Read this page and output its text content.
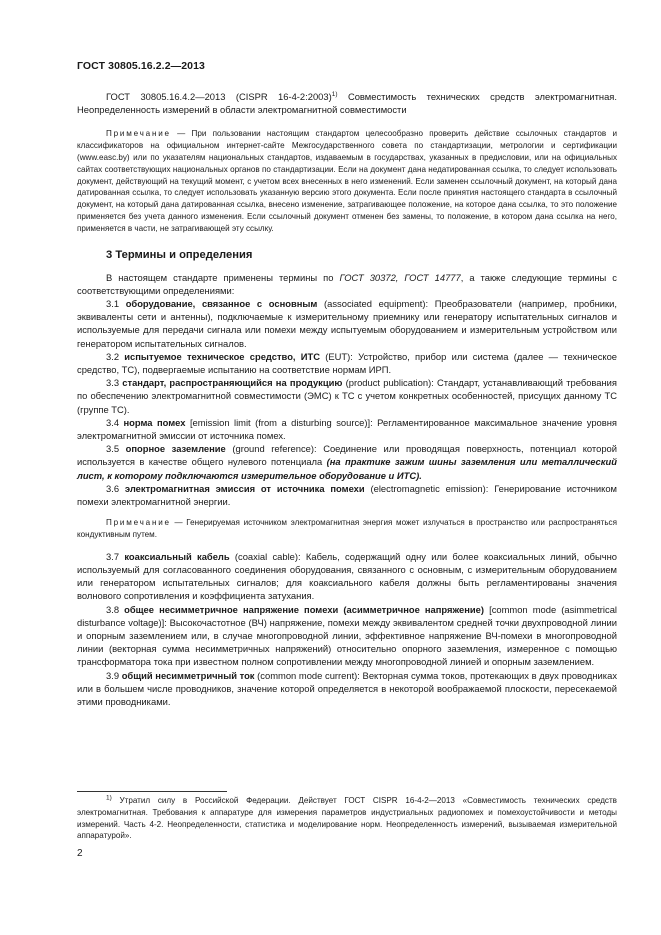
ГОСТ 30805.16.2.2—2013

ГОСТ 30805.16.4.2—2013 (CISPR 16-4-2:2003)$^{1)}$ Совместимость технических средств электромагнитная. Неопределенность измерений в области электромагнитной совместимости

Примечание — При пользовании настоящим стандартом целесообразно проверить действие ссылочных стандартов и классификаторов на официальном интернет-сайте Межгосударственного совета по стандартизации, метрологии и сертификации (www.easc.by) или по указателям национальных стандартов, издаваемым в государствах, указанных в предисловии, или на официальных сайтах соответствующих национальных органов по стандартизации. Если на документ дана недатированная ссылка, то следует использовать документ, действующий на текущий момент, с учетом всех внесенных в него изменений. Если заменен ссылочный документ, на который дана датированная ссылка, то следует использовать указанную версию этого документа. Если после принятия настоящего стандарта в ссылочный документ, на который дана датированная ссылка, внесено изменение, затрагивающее положение, на которое дана ссылка, то это положение применяется без учета данного изменения. Если ссылочный документ отменен без замены, то положение, в котором дана ссылка на него, применяется в части, не затрагивающей эту ссылку.

3 Термины и определения

В настоящем стандарте применены термины по ГОСТ 30372, ГОСТ 14777, а также следующие термины с соответствующими определениями:

3.1 оборудование, связанное с основным (associated equipment): Преобразователи (например, пробники, эквиваленты сети и антенны), подключаемые к измерительному приемнику или генератору испытательных сигналов и используемые для передачи сигнала или помехи между испытуемым оборудованием и измерительным устройством или генератором испытательных сигналов.

3.2 испытуемое техническое средство, ИТС (EUT): Устройство, прибор или система (далее — техническое средство, ТС), подвергаемые испытанию на соответствие нормам ИРП.

3.3 стандарт, распространяющийся на продукцию (product publication): Стандарт, устанавливающий требования по обеспечению электромагнитной совместимости (ЭМС) к ТС с учетом конкретных особенностей, присущих данному ТС (группе ТС).

3.4 норма помех [emission limit (from a disturbing source)]: Регламентированное максимальное значение уровня электромагнитной эмиссии от источника помех.

3.5 опорное заземление (ground reference): Соединение или проводящая поверхность, потенциал которой используется в качестве общего нулевого потенциала (на практике зажим шины заземления или металлический лист, к которому подключаются измерительное оборудование и ИТС).

3.6 электромагнитная эмиссия от источника помехи (electromagnetic emission): Генерирование источником помехи электромагнитной энергии.

Примечание — Генерируемая источником электромагнитная энергия может излучаться в пространство или распространяться кондуктивным путем.

3.7 коаксиальный кабель (coaxial cable): Кабель, содержащий одну или более коаксиальных линий, обычно используемый для согласованного соединения оборудования, связанного с основным, с измерительным оборудованием или генератором испытательных сигналов; для коаксиального кабеля должны быть регламентированы значения волнового сопротивления и коэффициента затухания.

3.8 общее несимметричное напряжение помехи (асимметричное напряжение) [common mode (asimmetrical disturbance voltage)]: Высокочастотное (ВЧ) напряжение, помехи между эквивалентом средней точки двухпроводной линии и опорным заземлением или, в случае многопроводной линии, эффективное напряжение ВЧ-помехи в многопроводной линии (векторная сумма несимметричных напряжений) относительно опорного заземления, измеренное с помощью трансформатора тока при известном полном сопротивлении между многопроводной линией и опорным заземлением.

3.9 общий несимметричный ток (common mode current): Векторная сумма токов, протекающих в двух проводниках или в большем числе проводников, значение которой определяется в некоторой воображаемой плоскости, пересекаемой этими проводниками.

$^{1)}$ Утратил силу в Российской Федерации. Действует ГОСТ CISPR 16-4-2—2013 «Совместимость технических средств электромагнитная. Требования к аппаратуре для измерения параметров индустриальных радиопомех и помехоустойчивости и методы измерений. Часть 4-2. Неопределенности, статистика и моделирование норм. Неопределенность измерений, вызываемая измерительной аппаратурой».

2
